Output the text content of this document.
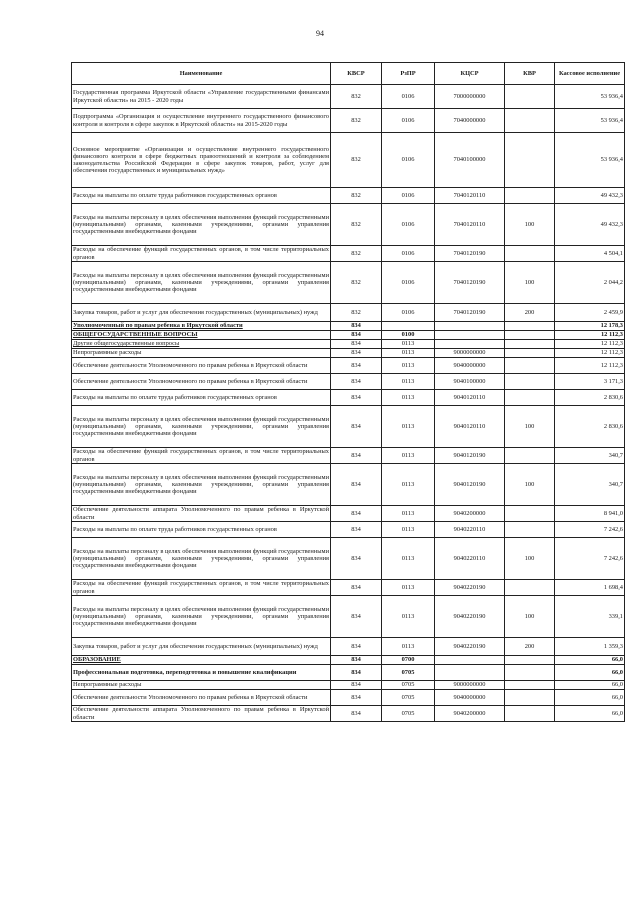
94
Наименование	КВСР	РзПР	КЦСР	КВР	Кассовое исполнение
Государственная программа Иркутской области «Управление государственными финансами Иркутской области» на 2015 - 2020 годы	832	0106	7000000000		53 936,4
Подпрограмма «Организация и осуществление внутреннего государственного финансового контроля и контроля в сфере закупок в Иркутской области» на 2015-2020 годы	832	0106	7040000000		53 936,4
Основное мероприятие «Организация и осуществление внутреннего государственного финансового контроля в сфере бюджетных правоотношений и контроля за соблюдением законодательства Российской Федерации в сфере закупок товаров, работ, услуг для обеспечения государственных и муниципальных нужд»	832	0106	7040100000		53 936,4
Расходы на выплаты по оплате труда работников государственных органов	832	0106	7040120110		49 432,3
Расходы на выплаты персоналу в целях обеспечения выполнения функций государственными (муниципальными) органами, казенными учреждениями, органами управления государственными внебюджетными фондами	832	0106	7040120110	100	49 432,3
Расходы на обеспечение функций государственных органов, в том числе территориальных органов	832	0106	7040120190		4 504,1
Расходы на выплаты персоналу в целях обеспечения выполнения функций государственными (муниципальными) органами, казенными учреждениями, органами управления государственными внебюджетными фондами	832	0106	7040120190	100	2 044,2
Закупка товаров, работ и услуг для обеспечения государственных (муниципальных) нужд	832	0106	7040120190	200	2 459,9
Уполномоченный по правам ребенка в Иркутской области	834				12 178,3
ОБЩЕГОСУДАРСТВЕННЫЕ ВОПРОСЫ	834	0100			12 112,3
Другие общегосударственные вопросы	834	0113			12 112,3
Непрограммные расходы	834	0113	9000000000		12 112,3
Обеспечение деятельности Уполномоченного по правам ребенка в Иркутской области	834	0113	9040000000		12 112,3
Обеспечение деятельности Уполномоченного по правам ребенка в Иркутской области	834	0113	9040100000		3 171,3
Расходы на выплаты по оплате труда работников государственных органов	834	0113	9040120110		2 830,6
Расходы на выплаты персоналу в целях обеспечения выполнения функций государственными (муниципальными) органами, казенными учреждениями, органами управления государственными внебюджетными фондами	834	0113	9040120110	100	2 830,6
Расходы на обеспечение функций государственных органов, в том числе территориальных органов	834	0113	9040120190		340,7
Расходы на выплаты персоналу в целях обеспечения выполнения функций государственными (муниципальными) органами, казенными учреждениями, органами управления государственными внебюджетными фондами	834	0113	9040120190	100	340,7
Обеспечение деятельности аппарата Уполномоченного по правам ребенка в Иркутской области	834	0113	9040200000		8 941,0
Расходы на выплаты по оплате труда работников государственных органов	834	0113	9040220110		7 242,6
Расходы на выплаты персоналу в целях обеспечения выполнения функций государственными (муниципальными) органами, казенными учреждениями, органами управления государственными внебюджетными фондами	834	0113	9040220110	100	7 242,6
Расходы на обеспечение функций государственных органов, в том числе территориальных органов	834	0113	9040220190		1 698,4
Расходы на выплаты персоналу в целях обеспечения выполнения функций государственными (муниципальными) органами, казенными учреждениями, органами управления государственными внебюджетными фондами	834	0113	9040220190	100	339,1
Закупка товаров, работ и услуг для обеспечения государственных (муниципальных) нужд	834	0113	9040220190	200	1 359,3
ОБРАЗОВАНИЕ	834	0700			66,0
Профессиональная подготовка, переподготовка и повышение квалификации	834	0705			66,0
Непрограммные расходы	834	0705	9000000000		66,0
Обеспечение деятельности Уполномоченного по правам ребенка в Иркутской области	834	0705	9040000000		66,0
Обеспечение деятельности аппарата Уполномоченного по правам ребенка в Иркутской области	834	0705	9040200000		66,0
